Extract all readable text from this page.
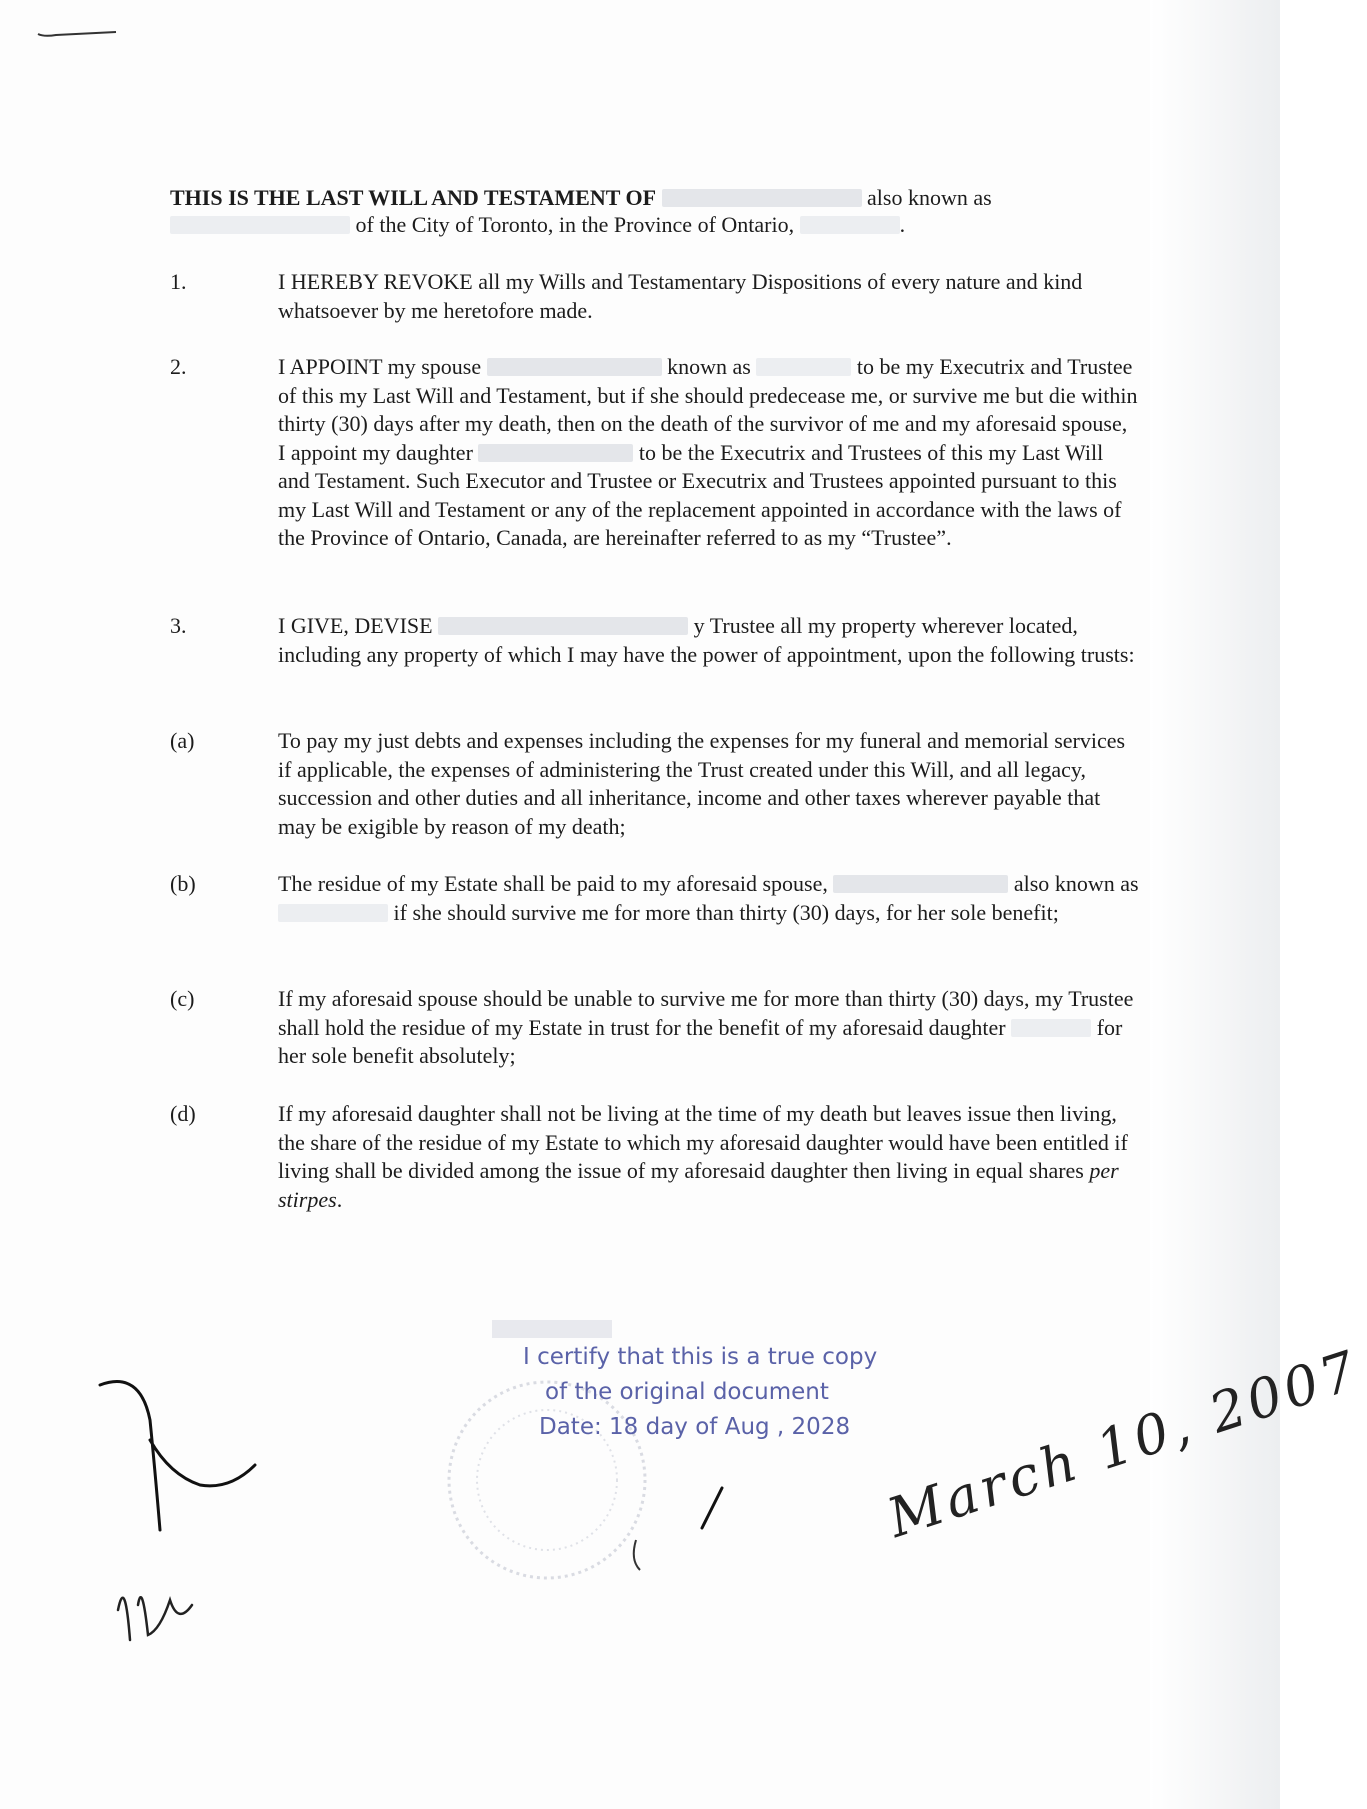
THIS IS THE LAST WILL AND TESTAMENT OF	also known as
of the City of Toronto, in the Province of Ontario,	.
1.	I HEREBY REVOKE all my Wills and Testamentary Dispositions of every nature and kind whatsoever by me heretofore made.
2.	I APPOINT my spouse	known as	to be my Executrix and Trustee of this my Last Will and Testament, but if she should predecease me, or survive me but die within thirty (30) days after my death, then on the death of the survivor of me and my aforesaid spouse, I appoint my daughter	to be the Executrix and Trustees of this my Last Will and Testament. Such Executor and Trustee or Executrix and Trustees appointed pursuant to this my Last Will and Testament or any of the replacement appointed in accordance with the laws of the Province of Ontario, Canada, are hereinafter referred to as my “Trustee”.
3.	I GIVE, DEVISE	y Trustee all my property wherever located, including any property of which I may have the power of appointment, upon the following trusts:
(a)	To pay my just debts and expenses including the expenses for my funeral and memorial services if applicable, the expenses of administering the Trust created under this Will, and all legacy, succession and other duties and all inheritance, income and other taxes wherever payable that may be exigible by reason of my death;
(b)	The residue of my Estate shall be paid to my aforesaid spouse,	also known as  if she should survive me for more than thirty (30) days, for her sole benefit;
(c)	If my aforesaid spouse should be unable to survive me for more than thirty (30) days, my Trustee shall hold the residue of my Estate in trust for the benefit of my aforesaid daughter	for her sole benefit absolutely;
(d)	If my aforesaid daughter shall not be living at the time of my death but leaves issue then living, the share of the residue of my Estate to which my aforesaid daughter would have been entitled if living shall be divided among the issue of my aforesaid daughter then living in equal shares per stirpes.
I certify that this is a true copy
of the original document
Date: 18 day of Aug , 2028 March 10, 2007
